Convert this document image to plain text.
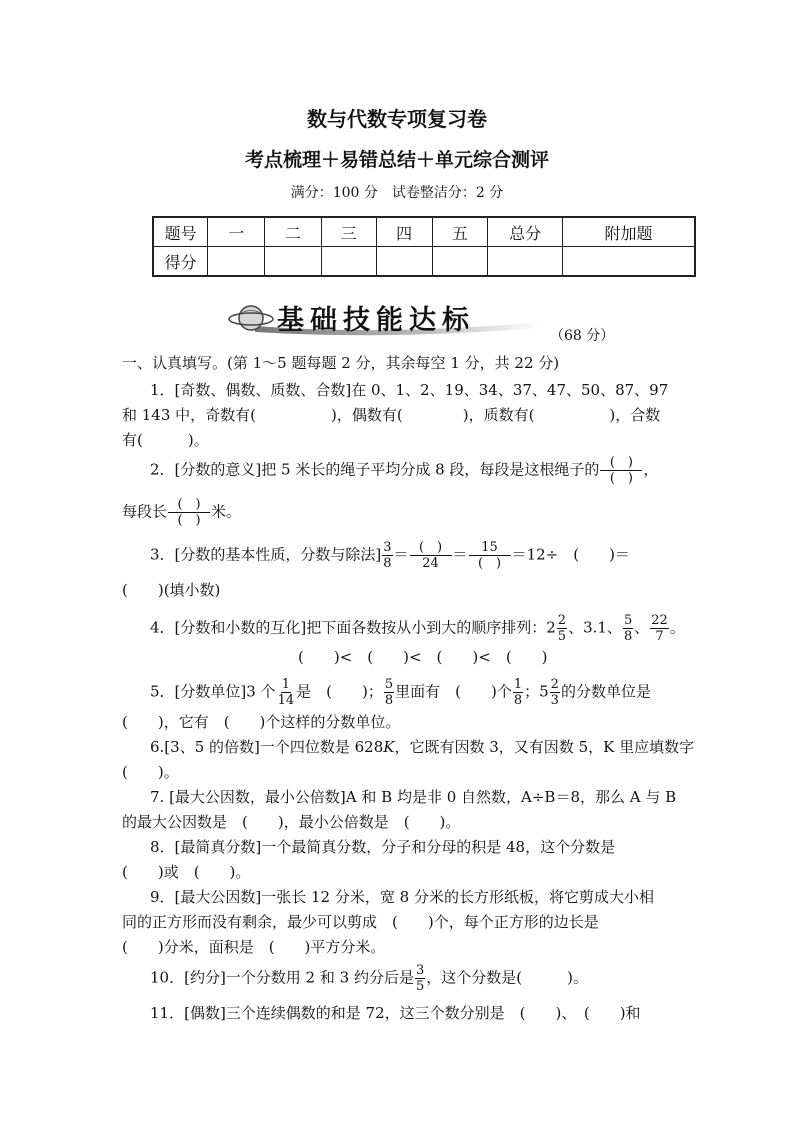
数与代数专项复习卷
考点梳理＋易错总结＋单元综合测评
满分：100 分　试卷整洁分：2 分
题号	一	二	三	四	五	总分	附加题
得分							
基础技能达标	（68 分）
一、认真填写。(第 1～5 题每题 2 分，其余每空 1 分，共 22 分)
1．[奇数、偶数、质数、合数]在 0、1、2、19、34、37、47、50、87、97
和 143 中，奇数有(　　　　　)，偶数有(　　　　)，质数有(　　　　　)，合数
有(　　　)。
2．[分数的意义]把 5 米长的绳子平均分成 8 段，每段是这根绳子的 $\frac{( )}{( )}$ ，
每段长 $\frac{( )}{( )}$ 米。
3．[分数的基本性质，分数与除法] $\frac{3}{8} = \frac{( )}{24} = \frac{15}{( )} =12\div$　(　　)＝
(　　)(填小数)
4．[分数和小数的互化]把下面各数按从小到大的顺序排列：$2 \frac{2}{5}$ 、3.1、 $\frac{5}{8}$ 、 $\frac{22}{7}$ 。
(　　)<　(　　)<　(　　)<　(　　)
5．[分数单位]3 个 $\frac{1}{14}$ 是　(　　)； $\frac{5}{8}$ 里面有　(　　)个 $\frac{1}{8}$ ；$5 \frac{2}{3}$ 的分数单位是
(　　)，它有　(　　)个这样的分数单位。
6.[3、5 的倍数]一个四位数是 628K，它既有因数 3，又有因数 5，K 里应填数字
(　　)。
7. [最大公因数，最小公倍数]A 和 B 均是非 0 自然数，A÷B＝8，那么 A 与 B
的最大公因数是　(　　)，最小公倍数是　(　　)。
8．[最简真分数]一个最简真分数，分子和分母的积是 48，这个分数是
(　　)或　(　　)。
9．[最大公因数]一张长 12 分米，宽 8 分米的长方形纸板，将它剪成大小相
同的正方形而没有剩余，最少可以剪成　(　　)个，每个正方形的边长是
(　　)分米，面积是　(　　)平方分米。
10．[约分]一个分数用 2 和 3 约分后是 $\frac{3}{5}$ ，这个分数是(　　　)。
11．[偶数]三个连续偶数的和是 72，这三个数分别是　(　　)、　(　　)和
